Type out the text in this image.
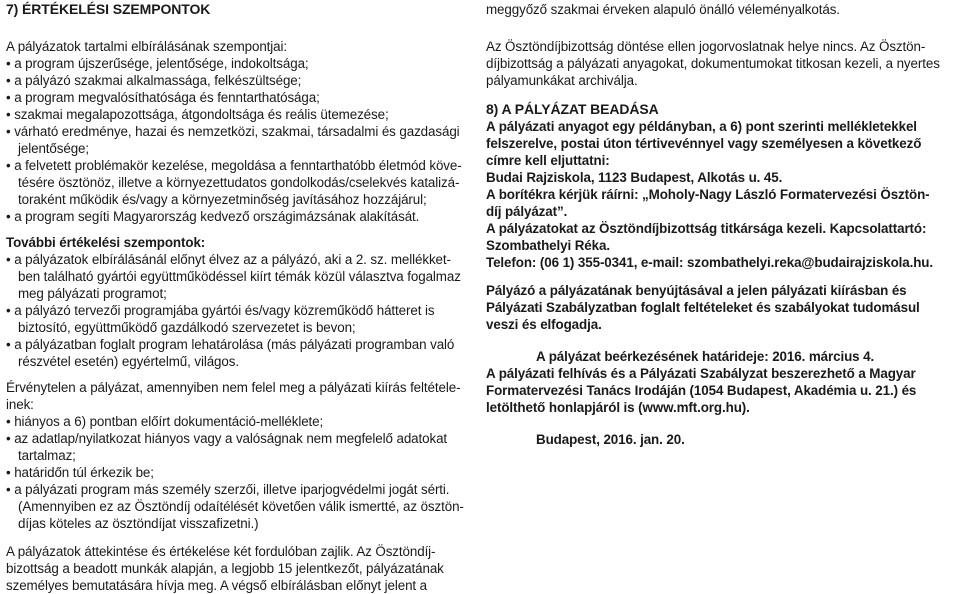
7) ÉRTÉKELÉSI SZEMPONTOK
A pályázatok tartalmi elbírálásának szempontjai:
• a program újszerűsége, jelentősége, indokoltsága;
• a pályázó szakmai alkalmassága, felkészültsége;
• a program megvalósíthatósága és fenntarthatósága;
• szakmai megalapozottsága, átgondoltsága és reális ütemezése;
• várható eredménye, hazai és nemzetközi, szakmai, társadalmi és gazdasági
jelentősége;
• a felvetett problémakör kezelése, megoldása a fenntarthatóbb életmód köve-
tésére ösztönöz, illetve a környezettudatos gondolkodás/cselekvés katalizá-
toraként működik és/vagy a környezetminőség javításához hozzájárul;
• a program segíti Magyarország kedvező országimázsának alakítását.
További értékelési szempontok:
• a pályázatok elbírálásánál előnyt élvez az a pályázó, aki a 2. sz. mellékket-
ben található gyártói együttműködéssel kiírt témák közül választva fogalmaz
meg pályázati programot;
• a pályázó tervezői programjába gyártói és/vagy közreműködő hátteret is
biztosító, együttműködő gazdálkodó szervezetet is bevon;
• a pályázatban foglalt program lehatárolása (más pályázati programban való
részvétel esetén) egyértelmű, világos.
Érvénytelen a pályázat, amennyiben nem felel meg a pályázati kiírás feltétele-
inek:
• hiányos a 6) pontban előírt dokumentáció-melléklete;
• az adatlap/nyilatkozat hiányos vagy a valóságnak nem megfelelő adatokat
tartalmaz;
• határidőn túl érkezik be;
• a pályázati program más személy szerzői, illetve iparjogvédelmi jogát sérti.
(Amennyiben ez az Ösztöndíj odaítélését követően válik ismertté, az ösztön-
díjas köteles az ösztöndíjat visszafizetni.)
A pályázatok áttekintése és értékelése két fordulóban zajlik. Az Ösztöndíj-
bizottság a beadott munkák alapján, a legjobb 15 jelentkezőt, pályázatának
személyes bemutatására hívja meg. A végső elbírálásban előnyt jelent a
meggyőző szakmai érveken alapuló önálló véleményalkotás.
Az Ösztöndíjbizottság döntése ellen jogorvoslatnak helye nincs. Az Ösztön-
díjbizottság a pályázati anyagokat, dokumentumokat titkosan kezeli, a nyertes
pályamunkákat archiválja.
8) A PÁLYÁZAT BEADÁSA
A pályázati anyagot egy példányban, a 6) pont szerinti mellékletekkel
felszerelve, postai úton tértivevénnyel vagy személyesen a következő
címre kell eljuttatni:
Budai Rajziskola, 1123 Budapest, Alkotás u. 45.
A borítékra kérjük ráírni: „Moholy-Nagy László Formatervezési Ösztön-
díj pályázat”.
A pályázatokat az Ösztöndíjbizottság titkársága kezeli. Kapcsolattartó:
Szombathelyi Réka.
Telefon: (06 1) 355-0341, e-mail: szombathelyi.reka@budairajziskola.hu.
Pályázó a pályázatának benyújtásával a jelen pályázati kiírásban és
Pályázati Szabályzatban foglalt feltételeket és szabályokat tudomásul
veszi és elfogadja.
A pályázat beérkezésének határideje: 2016. március 4.
A pályázati felhívás és a Pályázati Szabályzat beszerezhető a Magyar
Formatervezési Tanács Irodáján (1054 Budapest, Akadémia u. 21.) és
letölthető honlapjáról is (www.mft.org.hu).
Budapest, 2016. jan. 20.
